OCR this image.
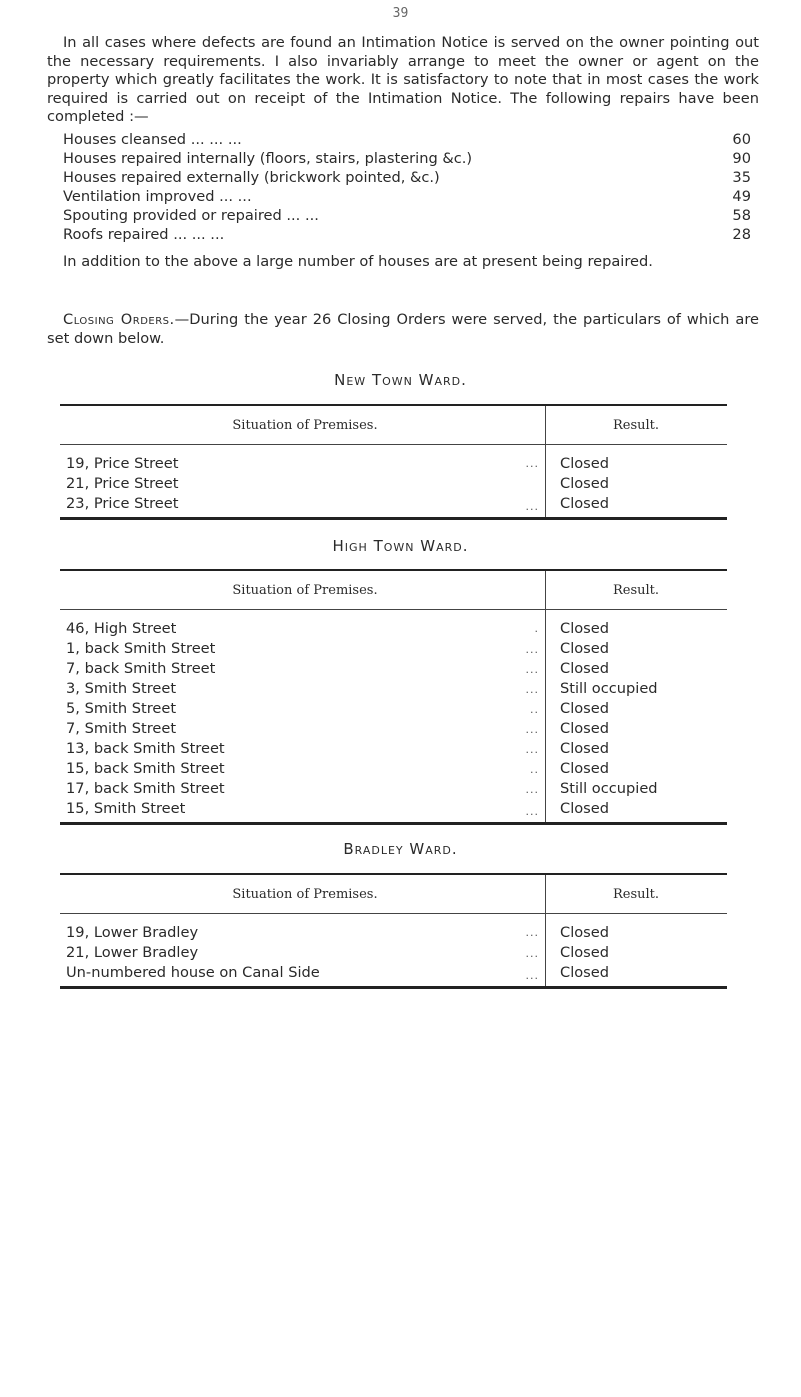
39

In all cases where defects are found an Intimation Notice is served on the owner pointing out the necessary requirements. I also invariably arrange to meet the owner or agent on the property which greatly facilitates the work. It is satisfactory to note that in most cases the work required is carried out on receipt of the Intimation Notice. The following repairs have been completed :—

Houses cleansed ... ... ...	60
Houses repaired internally (floors, stairs, plastering &c.)	90
Houses repaired externally (brickwork pointed, &c.)	35
Ventilation improved ... ...	49
Spouting provided or repaired ... ...	58
Roofs repaired ... ... ...	28

In addition to the above a large number of houses are at present being repaired.

Closing Orders.—During the year 26 Closing Orders were served, the particulars of which are set down below.

New Town Ward.
Situation of Premises.	Result.
19, Price Street ...	Closed
21, Price Street	Closed
23, Price Street ...	Closed
High Town Ward.
Situation of Premises.	Result.
46, High Street .	Closed
1, back Smith Street ...	Closed
7, back Smith Street ...	Closed
3, Smith Street ...	Still occupied
5, Smith Street ..	Closed
7, Smith Street ...	Closed
13, back Smith Street ...	Closed
15, back Smith Street ..	Closed
17, back Smith Street ...	Still occupied
15, Smith Street ...	Closed
Bradley Ward.
Situation of Premises.	Result.
19, Lower Bradley ...	Closed
21, Lower Bradley ...	Closed
Un-numbered house on Canal Side ...	Closed
